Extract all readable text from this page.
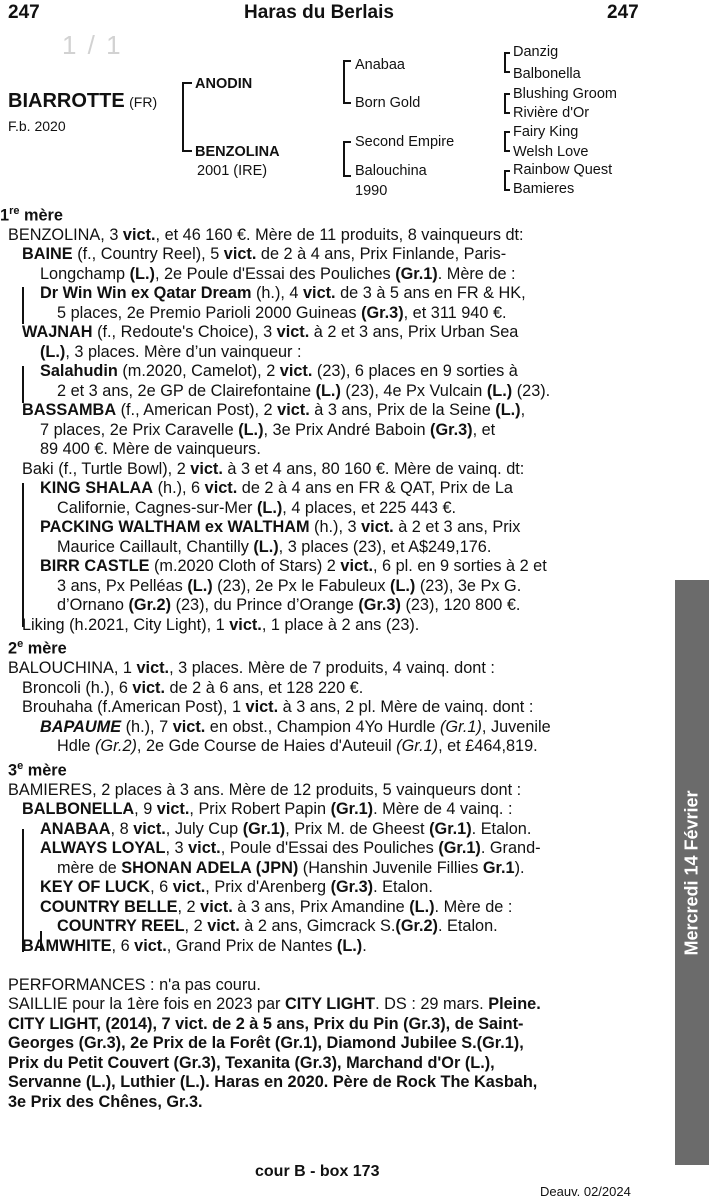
247	Haras du Berlais	247
1 / 1
BIARROTTE (FR)
F.b. 2020
ANODIN
BENZOLINA
2001 (IRE)
Anabaa
Born Gold
Second Empire
Balouchina
1990
Danzig
Balbonella
Blushing Groom
Rivière d'Or
Fairy King
Welsh Love
Rainbow Quest
Bamieres
1re mère
BENZOLINA, 3 vict., et 46 160 €. Mère de 11 produits, 8 vainqueurs dt:
BAINE (f., Country Reel), 5 vict. de 2 à 4 ans, Prix Finlande, Paris-
Longchamp (L.), 2e Poule d'Essai des Pouliches (Gr.1). Mère de :
Dr Win Win ex Qatar Dream (h.), 4 vict. de 3 à 5 ans en FR & HK,
5 places, 2e Premio Parioli 2000 Guineas (Gr.3), et 311 940 €.
WAJNAH (f., Redoute's Choice), 3 vict. à 2 et 3 ans, Prix Urban Sea
(L.), 3 places. Mère d’un vainqueur :
Salahudin (m.2020, Camelot), 2 vict. (23), 6 places en 9 sorties à
2 et 3 ans, 2e GP de Clairefontaine (L.) (23), 4e Px Vulcain (L.) (23).
BASSAMBA (f., American Post), 2 vict. à 3 ans, Prix de la Seine (L.),
7 places, 2e Prix Caravelle (L.), 3e Prix André Baboin (Gr.3), et
89 400 €. Mère de vainqueurs.
Baki (f., Turtle Bowl), 2 vict. à 3 et 4 ans, 80 160 €. Mère de vainq. dt:
KING SHALAA (h.), 6 vict. de 2 à 4 ans en FR & QAT, Prix de La
Californie, Cagnes-sur-Mer (L.), 4 places, et 225 443 €.
PACKING WALTHAM ex WALTHAM (h.), 3 vict. à 2 et 3 ans, Prix
Maurice Caillault, Chantilly (L.), 3 places (23), et A$249,176.
BIRR CASTLE (m.2020 Cloth of Stars) 2 vict., 6 pl. en 9 sorties à 2 et
3 ans, Px Pelléas (L.) (23), 2e Px le Fabuleux (L.) (23), 3e Px G.
d’Ornano (Gr.2) (23), du Prince d’Orange (Gr.3) (23), 120 800 €.
Liking (h.2021, City Light), 1 vict., 1 place à 2 ans (23).
2e mère
BALOUCHINA, 1 vict., 3 places. Mère de 7 produits, 4 vainq. dont :
Broncoli (h.), 6 vict. de 2 à 6 ans, et 128 220 €.
Brouhaha (f.American Post), 1 vict. à 3 ans, 2 pl. Mère de vainq. dont :
BAPAUME (h.), 7 vict. en obst., Champion 4Yo Hurdle (Gr.1), Juvenile
Hdle (Gr.2), 2e Gde Course de Haies d'Auteuil (Gr.1), et £464,819.
3e mère
BAMIERES, 2 places à 3 ans. Mère de 12 produits, 5 vainqueurs dont :
BALBONELLA, 9 vict., Prix Robert Papin (Gr.1). Mère de 4 vainq. :
ANABAA, 8 vict., July Cup (Gr.1), Prix M. de Gheest (Gr.1). Etalon.
ALWAYS LOYAL, 3 vict., Poule d'Essai des Pouliches (Gr.1). Grand-
mère de SHONAN ADELA (JPN) (Hanshin Juvenile Fillies Gr.1).
KEY OF LUCK, 6 vict., Prix d'Arenberg (Gr.3). Etalon.
COUNTRY BELLE, 2 vict. à 3 ans, Prix Amandine (L.). Mère de :
COUNTRY REEL, 2 vict. à 2 ans, Gimcrack S.(Gr.2). Etalon.
BAMWHITE, 6 vict., Grand Prix de Nantes (L.).

PERFORMANCES : n'a pas couru.
SAILLIE pour la 1ère fois en 2023 par CITY LIGHT. DS : 29 mars. Pleine.
CITY LIGHT, (2014), 7 vict. de 2 à 5 ans, Prix du Pin (Gr.3), de Saint-
Georges (Gr.3), 2e Prix de la Forêt (Gr.1), Diamond Jubilee S.(Gr.1),
Prix du Petit Couvert (Gr.3), Texanita (Gr.3), Marchand d'Or (L.),
Servanne (L.), Luthier (L.). Haras en 2020. Père de Rock The Kasbah,
3e Prix des Chênes, Gr.3.
Mercredi 14 Février
cour B - box 173
Deauv. 02/2024
